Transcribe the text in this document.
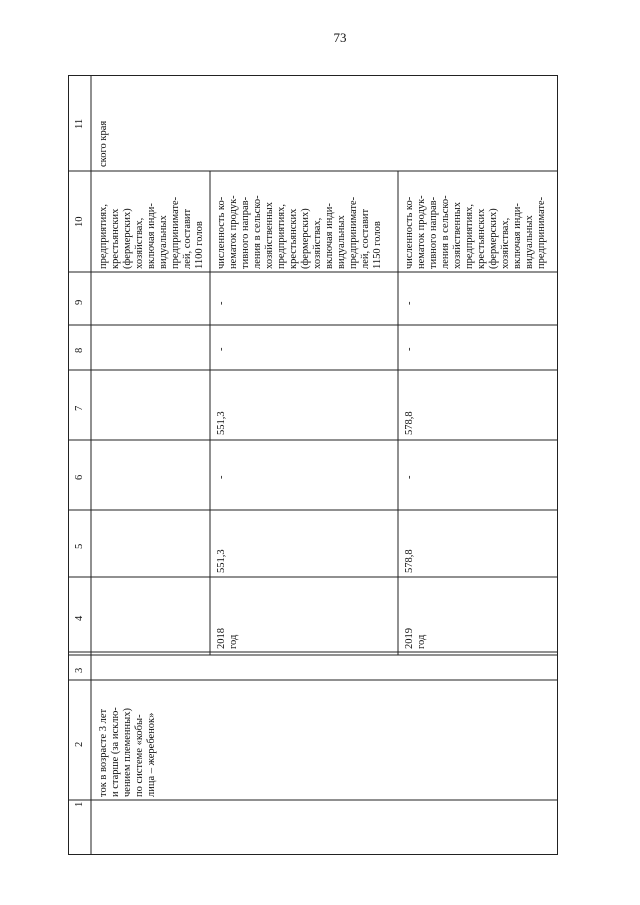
73
1
2
3
4
5
6
7
8
9
10
11
ток в возрасте 3 лет
и старше (за исклю-
чением племенных)
по системе «кобы-
лица – жеребенок»
предприятиях,
крестьянских
(фермерских)
хозяйствах,
включая инди-
видуальных
предпринимате-
лей, составит
1100 голов
ского края
2018
год
551,3
-
551,3
-
-
численность ко-
нематок продук-
тивного направ-
ления в сельско-
хозяйственных
предприятиях,
крестьянских
(фермерских)
хозяйствах,
включая инди-
видуальных
предпринимате-
лей, составит
1150 голов
2019
год
578,8
-
578,8
-
-
численность ко-
нематок продук-
тивного направ-
ления в сельско-
хозяйственных
предприятиях,
крестьянских
(фермерских)
хозяйствах,
включая инди-
видуальных
предпринимате-
